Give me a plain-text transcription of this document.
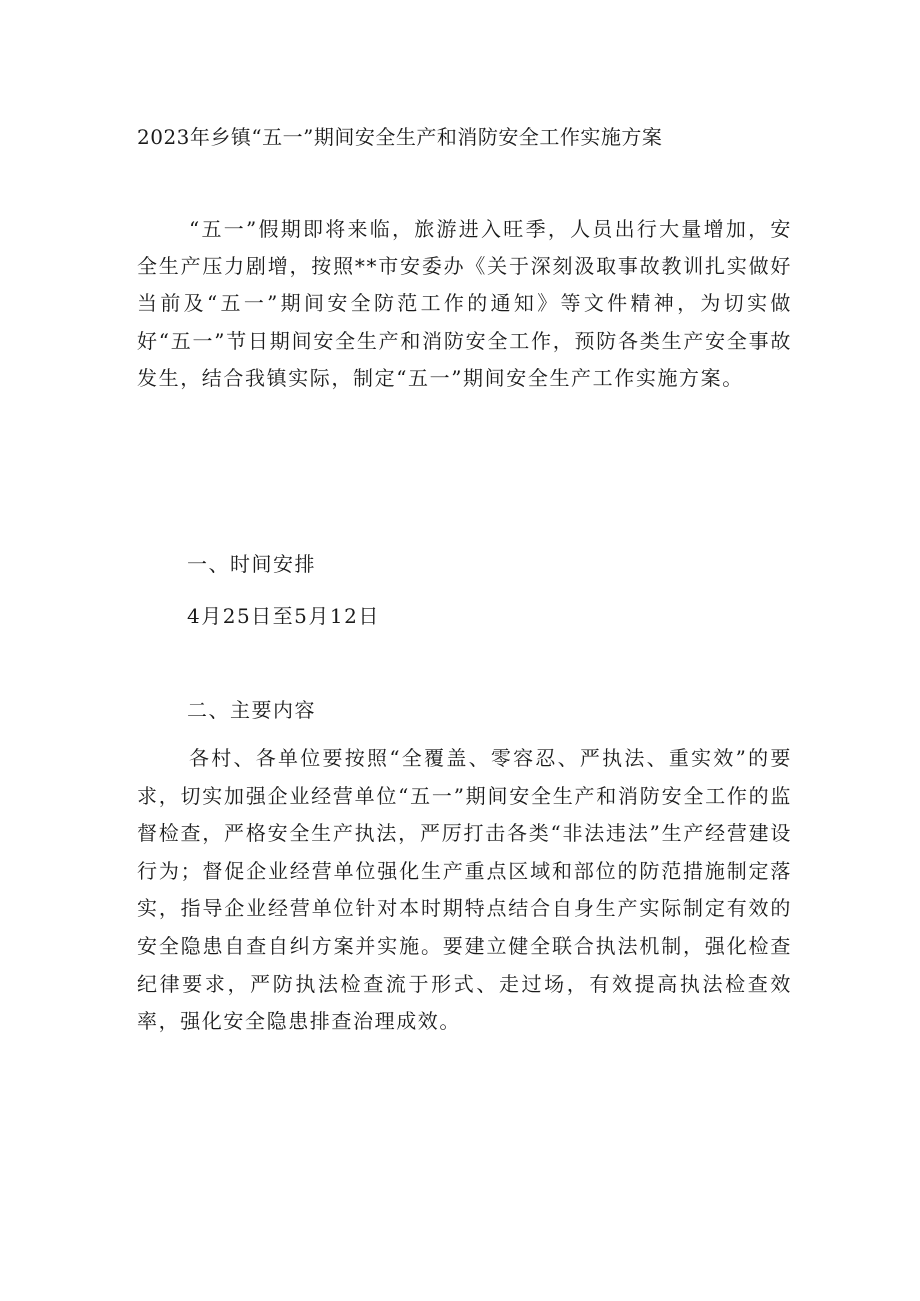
2023年乡镇“五一”期间安全生产和消防安全工作实施方案

“五一”假期即将来临，旅游进入旺季，人员出行大量增加，安全生产压力剧增，按照**市安委办《关于深刻汲取事故教训扎实做好当前及“五一”期间安全防范工作的通知》等文件精神，为切实做好“五一”节日期间安全生产和消防安全工作，预防各类生产安全事故发生，结合我镇实际，制定“五一”期间安全生产工作实施方案。

一、时间安排
4月25日至5月12日
二、主要内容

各村、各单位要按照“全覆盖、零容忍、严执法、重实效”的要求，切实加强企业经营单位“五一”期间安全生产和消防安全工作的监督检查，严格安全生产执法，严厉打击各类“非法违法”生产经营建设行为；督促企业经营单位强化生产重点区域和部位的防范措施制定落实，指导企业经营单位针对本时期特点结合自身生产实际制定有效的安全隐患自查自纠方案并实施。要建立健全联合执法机制，强化检查纪律要求，严防执法检查流于形式、走过场，有效提高执法检查效率，强化安全隐患排查治理成效。
